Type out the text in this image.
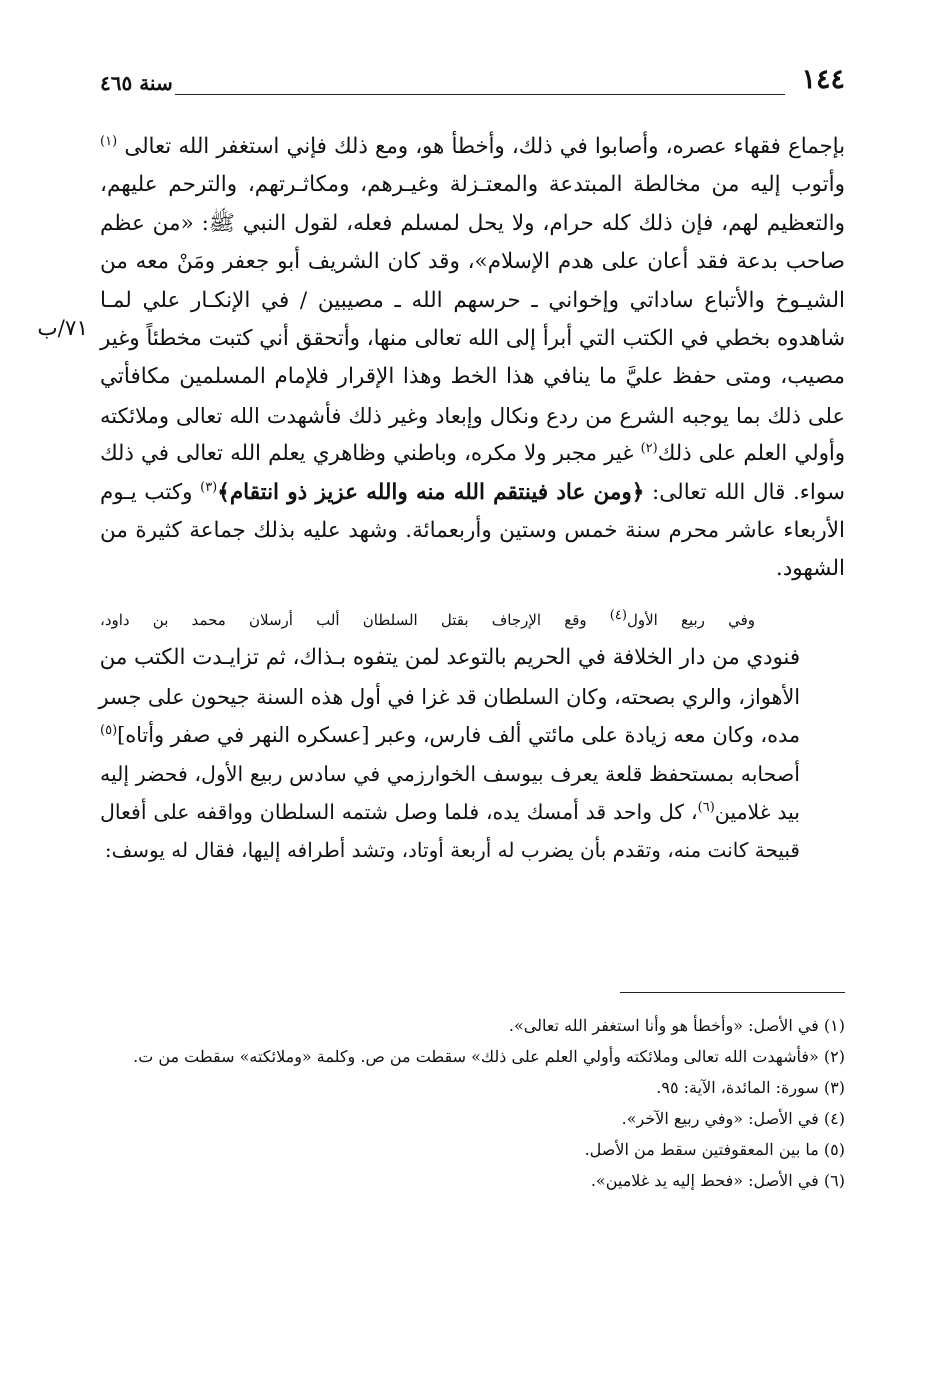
١٤٤
سنة ٤٦٥
٧١/ب
بإجماع فقهاء عصره، وأصابوا في ذلك، وأخطأ هو، ومع ذلك فإني استغفر الله تعالى $^{(١)}$
وأتوب إليه من مخالطة المبتدعة والمعتـزلة وغيـرهم، ومكاثـرتهم، والترحم عليهم،
والتعظيم لهم، فإن ذلك كله حرام، ولا يحل لمسلم فعله، لقول النبي ﷺ: «من عظم
صاحب بدعة فقد أعان على هدم الإسلام»، وقد كان الشريف أبو جعفر ومَنْ معه من
الشيـوخ والأتباع ساداتي وإخواني ـ حرسهم الله ـ مصيبين / في الإنكـار علي لمـا
شاهدوه بخطي في الكتب التي أبرأ إلى الله تعالى منها، وأتحقق أني كتبت مخطئاً وغير
مصيب، ومتى حفظ عليَّ ما ينافي هذا الخط وهذا الإقرار فلإمام المسلمين مكافأتي
على ذلك بما يوجبه الشرع من ردع ونكال وإبعاد وغير ذلك فأشهدت الله تعالى وملائكته
وأولي العلم على ذلك$^{(٢)}$ غير مجبر ولا مكره، وباطني وظاهري يعلم الله تعالى في ذلك
سواء. قال الله تعالى: ﴿ومن عاد فينتقم الله منه والله عزيز ذو انتقام﴾$^{(٣)}$ وكتب يـوم
الأربعاء عاشر محرم سنة خمس وستين وأربعمائة. وشهد عليه بذلك جماعة كثيرة من
الشهود.
وفي ربيع الأول(٤) وقع الإرجاف بقتل السلطان ألب أرسلان محمد بن داود،
فنودي من دار الخلافة في الحريم بالتوعد لمن يتفوه بـذاك، ثم تزايـدت الكتب من
الأهواز، والري بصحته، وكان السلطان قد غزا في أول هذه السنة جيحون على جسر
مده، وكان معه زيادة على مائتي ألف فارس، وعبر [عسكره النهر في صفر وأتاه]$^{(٥)}$
أصحابه بمستحفظ قلعة يعرف بيوسف الخوارزمي في سادس ربيع الأول، فحضر إليه
بيد غلامين$^{(٦)}$، كل واحد قد أمسك يده، فلما وصل شتمه السلطان وواقفه على أفعال
قبيحة كانت منه، وتقدم بأن يضرب له أربعة أوتاد، وتشد أطرافه إليها، فقال له يوسف:
(١) في الأصل: «وأخطأ هو وأنا استغفر الله تعالى».
(٢) «فأشهدت الله تعالى وملائكته وأولي العلم على ذلك» سقطت من ص. وكلمة «وملائكته» سقطت من ت.
(٣) سورة: المائدة، الآية: ٩٥.
(٤) في الأصل: «وفي ربيع الآخر».
(٥) ما بين المعقوفتين سقط من الأصل.
(٦) في الأصل: «فحط إليه يد غلامين».
